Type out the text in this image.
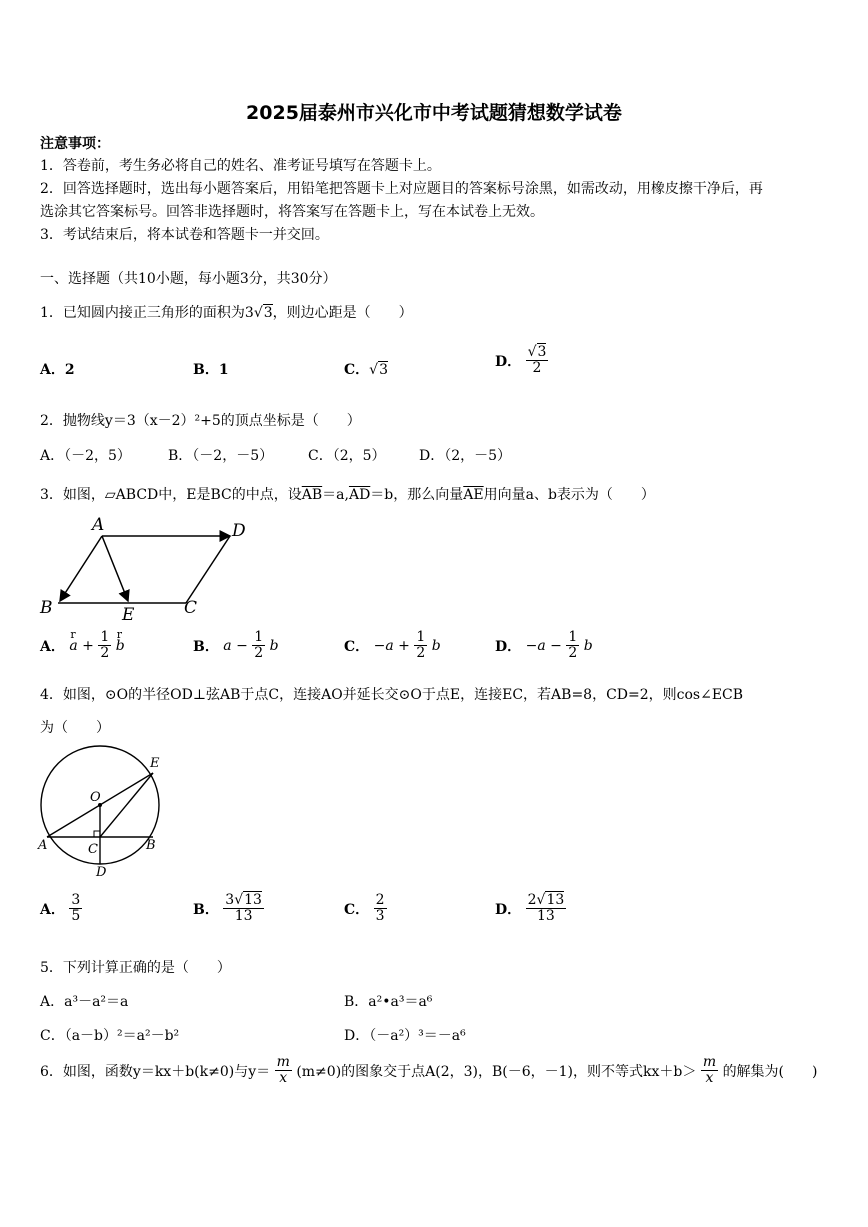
2025届泰州市兴化市中考试题猜想数学试卷
注意事项：
1．答卷前，考生务必将自己的姓名、准考证号填写在答题卡上。
2．回答选择题时，选出每小题答案后，用铅笔把答题卡上对应题目的答案标号涂黑，如需改动，用橡皮擦干净后，再
选涂其它答案标号。回答非选择题时，将答案写在答题卡上，写在本试卷上无效。
3．考试结束后，将本试卷和答题卡一并交回。
一、选择题（共10小题，每小题3分，共30分）
1．已知圆内接正三角形的面积为3√3，则边心距是（　　）
A．2	B．1	C．√3
D． $\frac{√3}{2}$
2．抛物线y＝3（x－2）²+5的顶点坐标是（　　）
A．（－2，5）	B．（－2，－5） C．（2，5） D．（2，－5）
3．如图，▱ABCD中，E是BC的中点，设$\overline{AB}=a,\overline{AD}=b$，那么向量$\overline{AE}$用向量a、b表示为（　　）
A	D
B	E	C
A．
r
$a + \frac{1}{2}$
r
b	B． $a - \frac{1}{2}$ b	C． $-a + \frac{1}{2}$ b	D． $-a - \frac{1}{2}$ b
4．如图，⊙O的半径OD⊥弦AB于点C，连接AO并延长交⊙O于点E，连接EC，若AB=8，CD=2，则cos∠ECB
为（　　）
O
E
A	B
C
D
A． $\frac{3}{5}$	B． $\frac{3√13}{13}$	C． $\frac{2}{3}$	D． $\frac{2√13}{13}$
5．下列计算正确的是（　　）
A．a³－a²＝a	B．a²•a³＝a⁶
C．（a－b）²＝a²－b²	D．（－a²）³＝－a⁶
6．如图，函数y＝kx＋b(k≠0)与$y= \frac{m}{x} (m\ne 0)$的图象交于点A(2，3)，B(－6，－1)，则不等式$kx+b> \frac{m}{x}$ 的解集为(　　)
